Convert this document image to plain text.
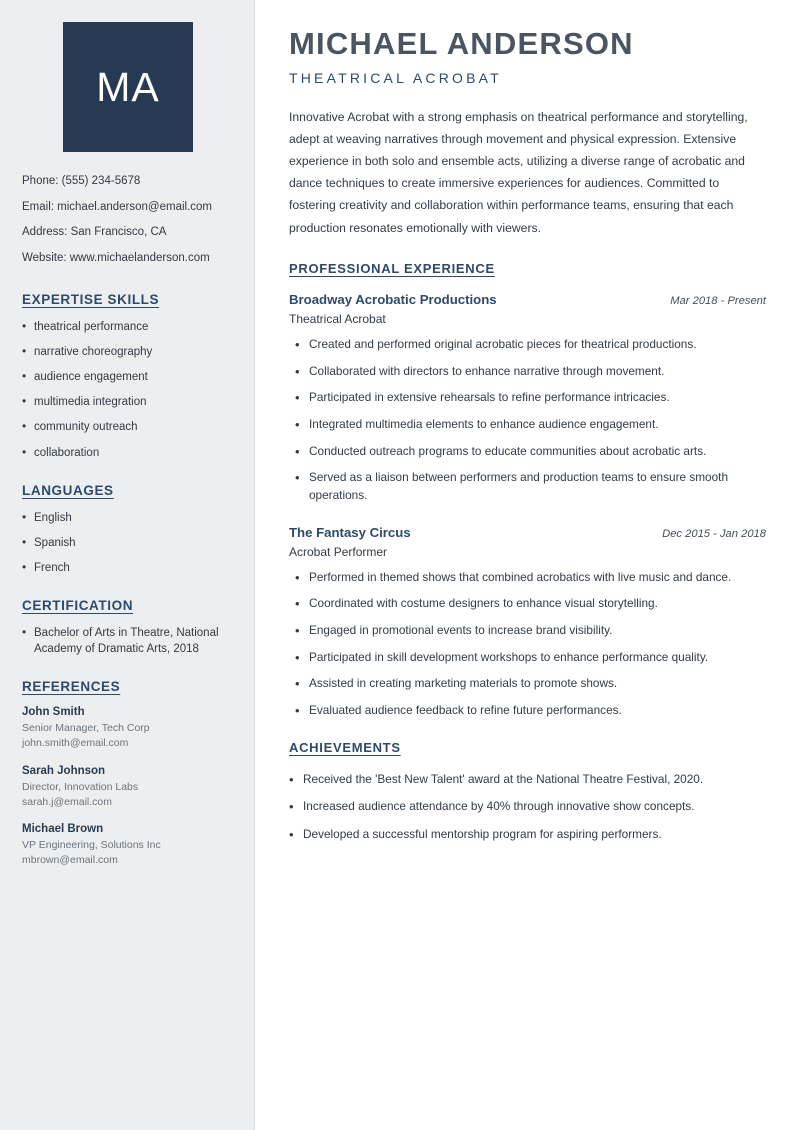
MA
Phone: (555) 234-5678
Email: michael.anderson@email.com
Address: San Francisco, CA
Website: www.michaelanderson.com
EXPERTISE SKILLS
• theatrical performance
• narrative choreography
• audience engagement
• multimedia integration
• community outreach
• collaboration
LANGUAGES
• English
• Spanish
• French
CERTIFICATION
• Bachelor of Arts in Theatre, National Academy of Dramatic Arts, 2018
REFERENCES
John Smith
Senior Manager, Tech Corp
john.smith@email.com
Sarah Johnson
Director, Innovation Labs
sarah.j@email.com
Michael Brown
VP Engineering, Solutions Inc
mbrown@email.com
MICHAEL ANDERSON
THEATRICAL ACROBAT

Innovative Acrobat with a strong emphasis on theatrical performance and storytelling, adept at weaving narratives through movement and physical expression. Extensive experience in both solo and ensemble acts, utilizing a diverse range of acrobatic and dance techniques to create immersive experiences for audiences. Committed to fostering creativity and collaboration within performance teams, ensuring that each production resonates emotionally with viewers.

PROFESSIONAL EXPERIENCE
Broadway Acrobatic Productions	Mar 2018 - Present
Theatrical Acrobat
• Created and performed original acrobatic pieces for theatrical productions.
• Collaborated with directors to enhance narrative through movement.
• Participated in extensive rehearsals to refine performance intricacies.
• Integrated multimedia elements to enhance audience engagement.
• Conducted outreach programs to educate communities about acrobatic arts.
• Served as a liaison between performers and production teams to ensure smooth operations.
The Fantasy Circus	Dec 2015 - Jan 2018
Acrobat Performer
• Performed in themed shows that combined acrobatics with live music and dance.
• Coordinated with costume designers to enhance visual storytelling.
• Engaged in promotional events to increase brand visibility.
• Participated in skill development workshops to enhance performance quality.
• Assisted in creating marketing materials to promote shows.
• Evaluated audience feedback to refine future performances.
ACHIEVEMENTS
• Received the 'Best New Talent' award at the National Theatre Festival, 2020.
• Increased audience attendance by 40% through innovative show concepts.
• Developed a successful mentorship program for aspiring performers.
